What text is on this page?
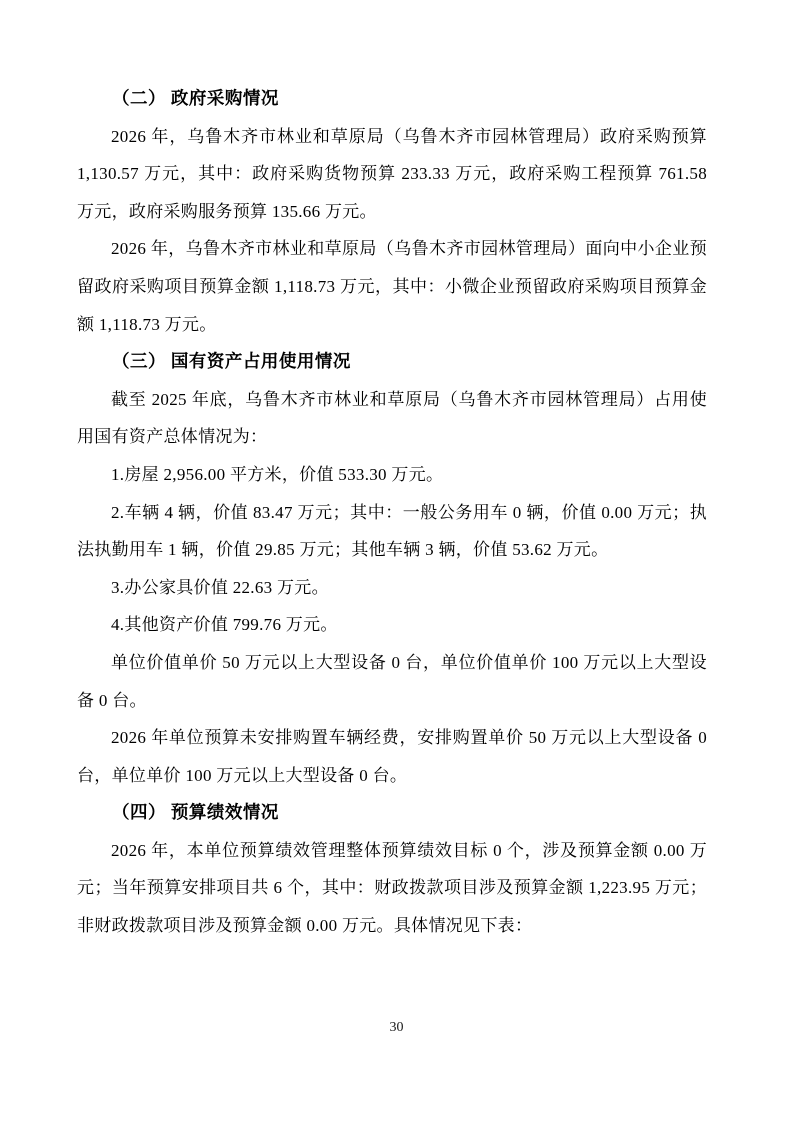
（二） 政府采购情况

2026 年，乌鲁木齐市林业和草原局（乌鲁木齐市园林管理局）政府采购预算 1,130.57 万元，其中：政府采购货物预算 233.33 万元，政府采购工程预算 761.58 万元，政府采购服务预算 135.66 万元。

2026 年，乌鲁木齐市林业和草原局（乌鲁木齐市园林管理局）面向中小企业预留政府采购项目预算金额 1,118.73 万元，其中：小微企业预留政府采购项目预算金额 1,118.73 万元。

（三） 国有资产占用使用情况

截至 2025 年底，乌鲁木齐市林业和草原局（乌鲁木齐市园林管理局）占用使用国有资产总体情况为：

1.房屋 2,956.00 平方米，价值 533.30 万元。

2.车辆 4 辆，价值 83.47 万元；其中：一般公务用车 0 辆，价值 0.00 万元；执法执勤用车 1 辆，价值 29.85 万元；其他车辆 3 辆，价值 53.62 万元。

3.办公家具价值 22.63 万元。

4.其他资产价值 799.76 万元。

单位价值单价 50 万元以上大型设备 0 台，单位价值单价 100 万元以上大型设备 0 台。

2026 年单位预算未安排购置车辆经费，安排购置单价 50 万元以上大型设备 0 台，单位单价 100 万元以上大型设备 0 台。

（四） 预算绩效情况

2026 年，本单位预算绩效管理整体预算绩效目标 0 个，涉及预算金额 0.00 万元；当年预算安排项目共 6 个，其中：财政拨款项目涉及预算金额 1,223.95 万元；非财政拨款项目涉及预算金额 0.00 万元。具体情况见下表：

30
